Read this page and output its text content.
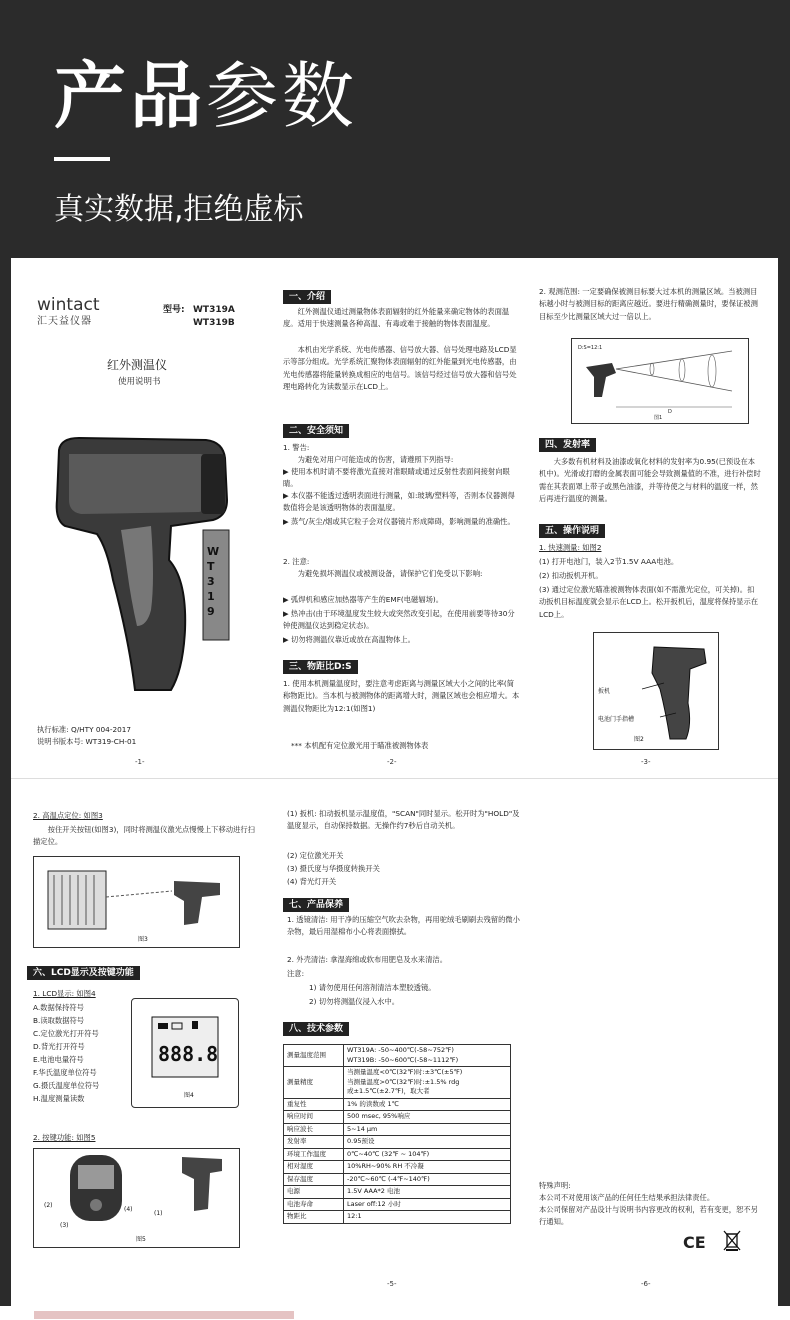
产品参数
真实数据,拒绝虚标
wintact
汇天益仪器
型号: WT319A
WT319B
红外测温仪
使用说明书
W
T
3
1
9
执行标准: Q/HTY 004-2017
说明书版本号: WT319-CH-01
-1-
一、介绍
红外测温仪通过测量物体表面辐射的红外能量来确定物体的表面温度。适用于快速测量各种高温、有毒或难于接触的物体表面温度。
本机由光学系统、光电传感器、信号放大器、信号处理电路及LCD显示等部分组成。光学系统汇聚物体表面辐射的红外能量到光电传感器，由光电传感器将能量转换成相应的电信号。该信号经过信号放大器和信号处理电路转化为读数显示在LCD上。
二、安全须知
1. 警告:
为避免对用户可能造成的伤害，请遵照下列指导:
▶ 使用本机时请不要将激光直接对准眼睛或通过反射性表面间接射向眼睛。
▶ 本仪器不能透过透明表面进行测量，如:玻璃/塑料等，否则本仪器测得数值将会是该透明物体的表面温度。
▶ 蒸气/灰尘/烟或其它粒子会对仪器镜片形成障碍，影响测量的准确性。
2. 注意:
为避免损坏测温仪或被测设备，请保护它们免受以下影响:
▶ 弧焊机和感应加热器等产生的EMF(电磁辐场)。
▶ 热冲击(由于环境温度发生较大或突然改变引起，在使用前要等待30分钟使测温仪达到稳定状态)。
▶ 切勿将测温仪靠近或放在高温物体上。
三、物距比D:S
1. 使用本机测量温度时，要注意考虑距离与测量区域大小之间的比率(简称物距比)。当本机与被测物体的距离增大时，测量区域也会相应增大。本测温仪物距比为12:1(如图1)
*** 本机配有定位激光用于瞄准被测物体表
-2-
2. 观测范围: 一定要确保被测目标要大过本机的测量区域。当被测目标越小时与被测目标的距离应越近。要进行精确测量时，要保证被测目标至少比测量区域大过一倍以上。
D:S=12:1
D
图1
四、发射率
大多数有机材料及油漆或氧化材料的发射率为0.95(已预设在本机中)。光滑或打磨的金属表面可能会导致测量值的不准，进行补偿时需在其表面罩上带子或黑色油漆，并等待使之与材料的温度一样，然后再进行温度的测量。
五、操作说明
1. 快速测量: 如图2
(1) 打开电池门，装入2节1.5V AAA电池。
(2) 扣动扳机开机。
(3) 通过定位激光瞄准被测物体表面(如不需激光定位，可关掉)。扣动扳机目标温度就会显示在LCD上。松开扳机后，温度将保持显示在LCD上。
扳机
电池门手指槽
图2
-3-
2. 高温点定位: 如图3
按住开关按钮(如图3)，同时将测温仪激光点慢慢上下移动进行扫描定位。
图3
六、LCD显示及按键功能
1. LCD显示: 如图4
A.数据保持符号
B.读取数据符号
C.定位激光打开符号
D.背光打开符号
E.电池电量符号
F.华氏温度单位符号
G.摄氏温度单位符号
H.温度测量读数
888.8
图4
2. 按键功能: 如图5
(2)
(3)
(4)
(1)
图5
(1) 扳机: 扣动扳机显示温度值，"SCAN"同时显示。松开时为"HOLD"及温度显示，自动保持数据。无操作约7秒后自动关机。
(2) 定位激光开关
(3) 摄氏度与华摄度转换开关
(4) 背光灯开关
七、产品保养
1. 透镜清洁: 用干净的压缩空气吹去杂物，再用驼绒毛刷刷去残留的微小杂物，最后用湿棉布小心将表面擦拭。
2. 外壳清洁: 拿湿海绵或软布用肥皂及水来清洁。
注意:
1) 请勿使用任何溶剂清洁本塑胶透镜。
2) 切勿将测温仪浸入水中。
八、技术参数
测量温度范围	WT319A: -50~400℃(-58~752℉)
WT319B: -50~600℃(-58~1112℉)
测量精度	当测量温度<0℃(32℉)时:±3℃(±5℉)
当测量温度>0℃(32℉)时:±1.5% rdg
或±1.5℃(±2.7℉)，取大者
重复性	1% 的读数或 1℃
响应时间	500 msec, 95%响应
响应波长	5~14 μm
发射率	0.95预设
环境工作温度	0℃~40℃ (32℉ ~ 104℉)
相对湿度	10%RH~90% RH 不冷凝
保存温度	-20℃~60℃ (-4℉~140℉)
电源	1.5V AAA*2 电池
电池寿命	Laser off:12 小时
物距比	12:1
-5-
特殊声明:
本公司不对使用该产品的任何任生结果承担法律责任。
本公司保留对产品设计与说明书内容更改的权利，若有变更，恕不另行通知。
CE
-6-
